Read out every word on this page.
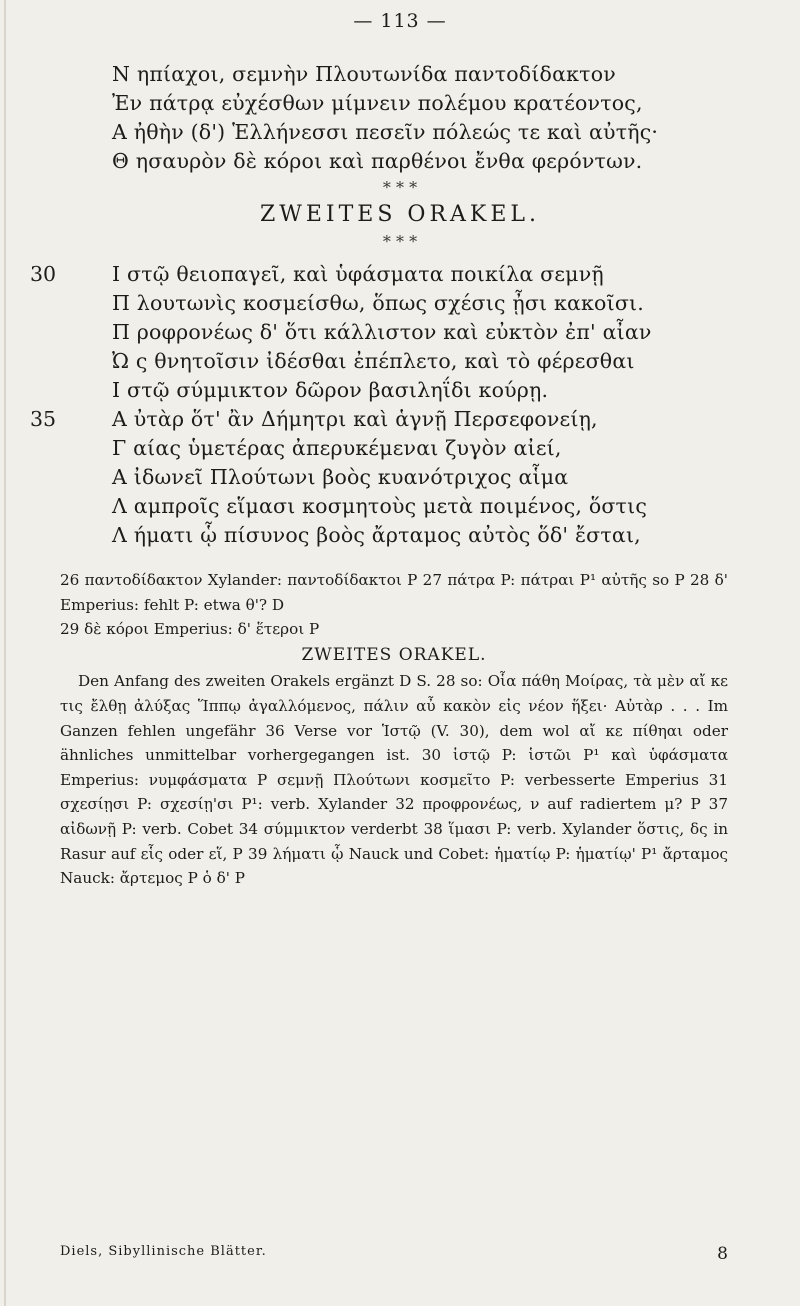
— 113 —
Ν ηπίαχοι, σεμνὴν Πλουτωνίδα παντοδίδακτον
Ἐν πάτρᾳ εὐχέσθων μίμνειν πολέμου κρατέοντος,
Α ἠθὴν (δ') Ἑλλήνεσσι πεσεῖν πόλεώς τε καὶ αὐτῆς·
Θ ησαυρὸν δὲ κόροι καὶ παρθένοι ἔνθα φερόντων.
* * *
ZWEITES ORAKEL.
* * *
30	Ι στῷ θειοπαγεῖ, καὶ ὑφάσματα ποικίλα σεμνῇ
Π λουτωνὶς κοσμείσθω, ὅπως σχέσις ᾖσι κακοῖσι.
Π ροφρονέως δ' ὅτι κάλλιστον καὶ εὐκτὸν ἐπ' αἶαν
Ὠ ς θνητοῖσιν ἰδέσθαι ἐπέπλετο, καὶ τὸ φέρεσθαι
Ι στῷ σύμμικτον δῶρον βασιληΐδι κούρῃ.
35	Α ὐτὰρ ὅτ' ἂν Δήμητρι καὶ ἁγνῇ Περσεφονείῃ,
Γ αίας ὑμετέρας ἀπερυκέμεναι ζυγὸν αἰεί,
Α ἰδωνεῖ Πλούτωνι βοὸς κυανότριχος αἷμα
Λ αμπροῖς εἵμασι κοσμητοὺς μετὰ ποιμένος, ὅστις
Λ ήματι ᾧ πίσυνος βοὸς ἄρταμος αὐτὸς ὅδ' ἔσται,

26 παντοδίδακτον Xylander: παντοδίδακτοι P 27 πάτρα P: πάτραι P¹ αὐτῆς so P 28 δ' Emperius: fehlt P: etwa θ'? D

29 δὲ κόροι Emperius: δ' ἕτεροι P

ZWEITES ORAKEL.

Den Anfang des zweiten Orakels ergänzt D S. 28 so: Οἷα πάθη Μοίρας, τὰ μὲν αἴ κε τις ἔλθῃ ἀλύξας Ἵππῳ ἀγαλλόμενος, πάλιν αὖ κακὸν εἰς νέον ἥξει· Αὐτὰρ . . . Im Ganzen fehlen ungefähr 36 Verse vor Ἱστῷ (V. 30), dem wol αἴ κε πίθηαι oder ähnliches unmittelbar vorhergegangen ist. 30 ἱστῷ P: ἱστῶι P¹ καὶ ὑφάσματα Emperius: νυμφάσματα P σεμνῇ Πλούτωνι κοσμεῖτο P: verbesserte Emperius 31 σχεσίῃσι P: σχεσίῃ'σι P¹: verb. Xylander 32 προφρονέως, ν auf radiertem μ? P 37 αἰδωνῇ P: verb. Cobet 34 σύμμικτον verderbt 38 ἵμασι P: verb. Xylander ὅστις, δς in Rasur auf εἷς oder εἵ, P 39 λήματι ᾧ Nauck und Cobet: ἡματίῳ P: ἡματίῳ' P¹ ἄρταμος Nauck: ἄρτεμος P ὁ δ' P

Diels, Sibyllinische Blätter.	8
